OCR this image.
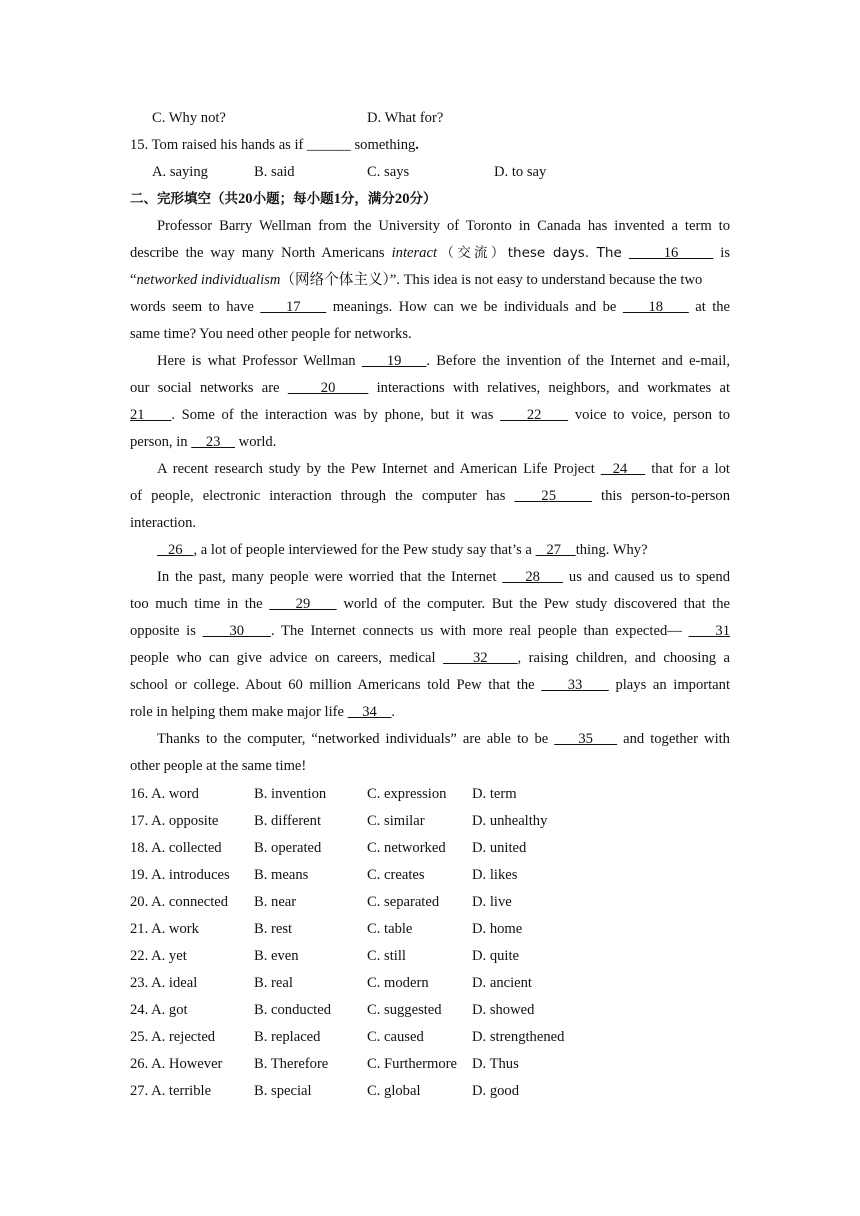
C. Why not?	D. What for?
15. Tom raised his hands as if ______ something.
A. saying	B. said	C. says	D. to say
二、完形填空（共20小题；每小题1分，满分20分）
Professor Barry Wellman from the University of Toronto in Canada has invented a term to
describe the way many North Americans interact（交流）these days. The      16      is
“networked individualism（网络个体主义）”. This idea is not easy to understand because the two
words seem to have     17     meanings. How can we be individuals and be     18     at the
same time? You need other people for networks.
Here is what Professor Wellman     19    . Before the invention of the Internet and e-mail,
our social networks are     20     interactions with relatives, neighbors, and workmates at
21    . Some of the interaction was by phone, but it was     22     voice to voice, person to
person, in     23     world.
A recent research study by the Pew Internet and American Life Project   24    that for a lot
of people, electronic interaction through the computer has    25     this person-to-person
interaction.
26   , a lot of people interviewed for the Pew study say that’s a    27    thing. Why?
In the past, many people were worried that the Internet     28     us and caused us to spend
too much time in the     29     world of the computer. But the Pew study discovered that the
opposite is     30    . The Internet connects us with more real people than expected—     31
people who can give advice on careers, medical     32    , raising children, and choosing a
school or college. About 60 million Americans told Pew that the     33     plays an important
role in helping them make major life     34    .
Thanks to the computer, “networked individuals” are able to be     35     and together with
other people at the same time!
16. A. word	B. invention	C. expression D. term
17. A. opposite B. different	C. similar	D. unhealthy
18. A. collected B. operated	C. networked D. united
19. A. introduces B. means	C. creates	D. likes
20. A. connected B. near	C. separated D. live
21. A. work	B. rest	C. table	D. home
22. A. yet	B. even	C. still	D. quite
23. A. ideal	B. real	C. modern	D. ancient
24. A. got	B. conducted C. suggested D. showed
25. A. rejected	B. replaced	C. caused	D. strengthened
26. A. However B. Therefore	C. Furthermore D. Thus
27. A. terrible	B. special	C. global	D. good
